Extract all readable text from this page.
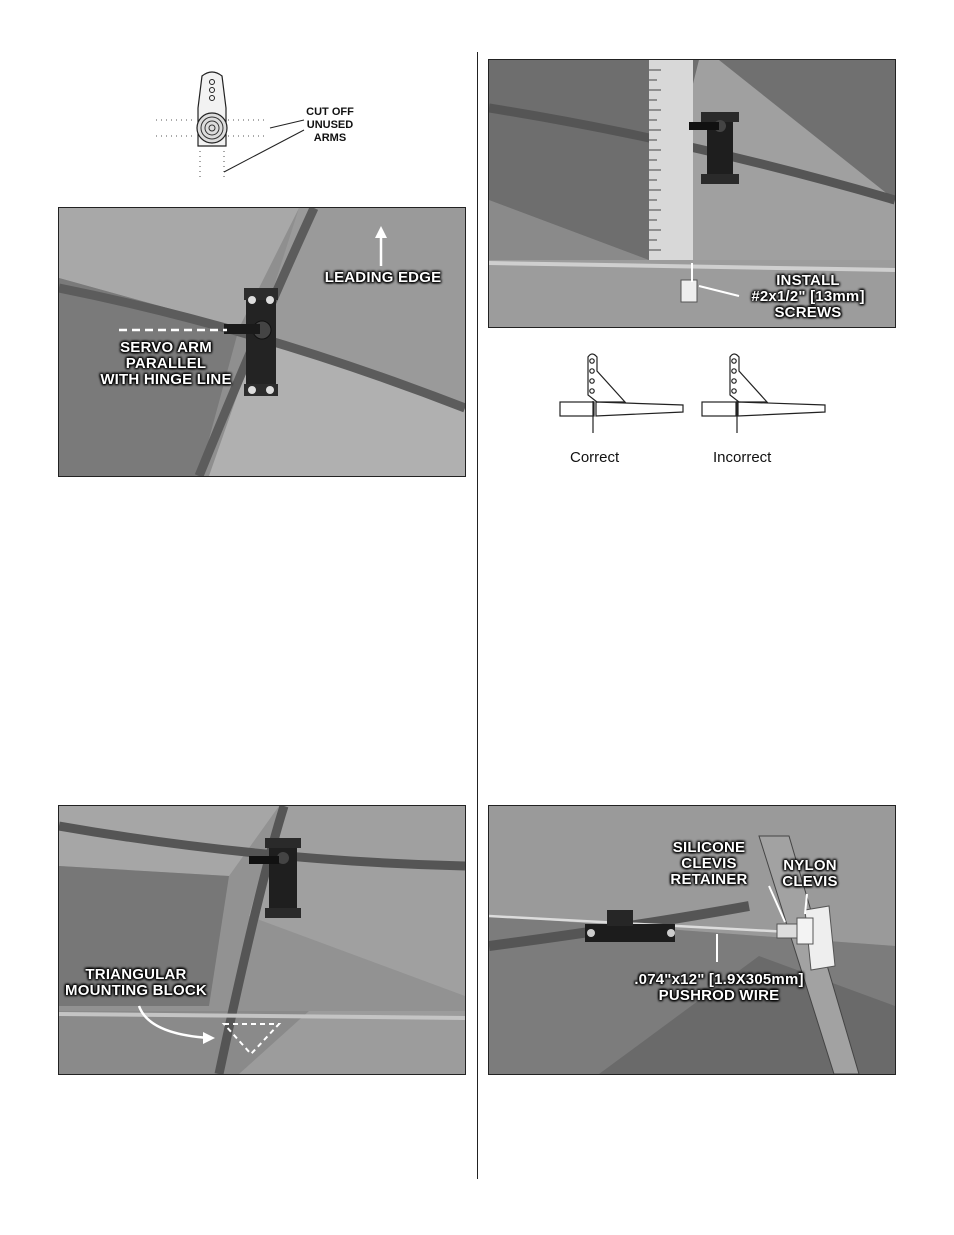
CUT OFF
UNUSED
ARMS
LEADING EDGE
SERVO ARM
PARALLEL
WITH HINGE LINE
INSTALL
#2x1/2" [13mm]
SCREWS
Correct	Incorrect
TRIANGULAR
MOUNTING BLOCK
SILICONE
CLEVIS
RETAINER
NYLON
CLEVIS
.074"x12" [1.9X305mm]
PUSHROD WIRE
